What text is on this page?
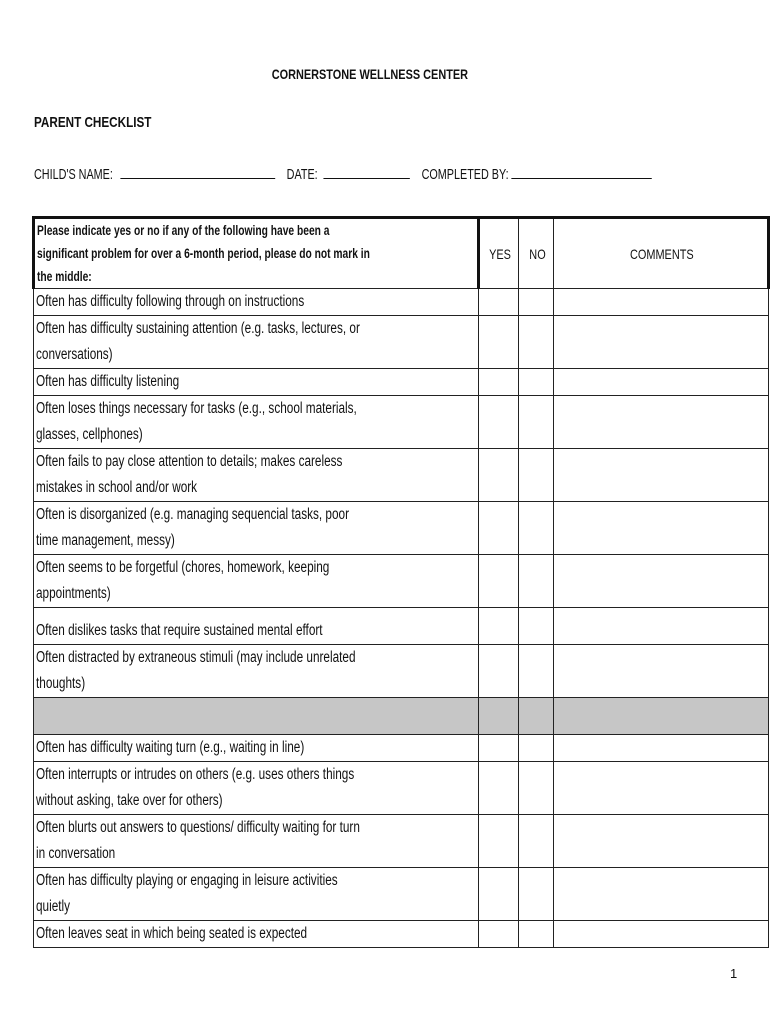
CORNERSTONE WELLNESS CENTER
PARENT CHECKLIST
CHILD'S NAME:	DATE:	COMPLETED BY:
Please indicate yes or no if any of the following have been a significant problem for over a 6-month period, please do not mark in the middle:	YES	NO	COMMENTS

Often has difficulty following through on instructions			

Often has difficulty sustaining attention (e.g. tasks, lectures, or conversations)			

Often has difficulty listening			

Often loses things necessary for tasks (e.g., school materials, glasses, cellphones)			

Often fails to pay close attention to details; makes careless mistakes in school and/or work			

Often is disorganized (e.g. managing sequencial tasks, poor time management, messy)			

Often seems to be forgetful (chores, homework, keeping appointments)			

Often dislikes tasks that require sustained mental effort			

Often distracted by extraneous stimuli (may include unrelated thoughts)			

Often has difficulty waiting turn (e.g., waiting in line)			

Often interrupts or intrudes on others (e.g. uses others things without asking, take over for others)			

Often blurts out answers to questions/ difficulty waiting for turn in conversation			

Often has difficulty playing or engaging in leisure activities quietly			

Often leaves seat in which being seated is expected			

1
